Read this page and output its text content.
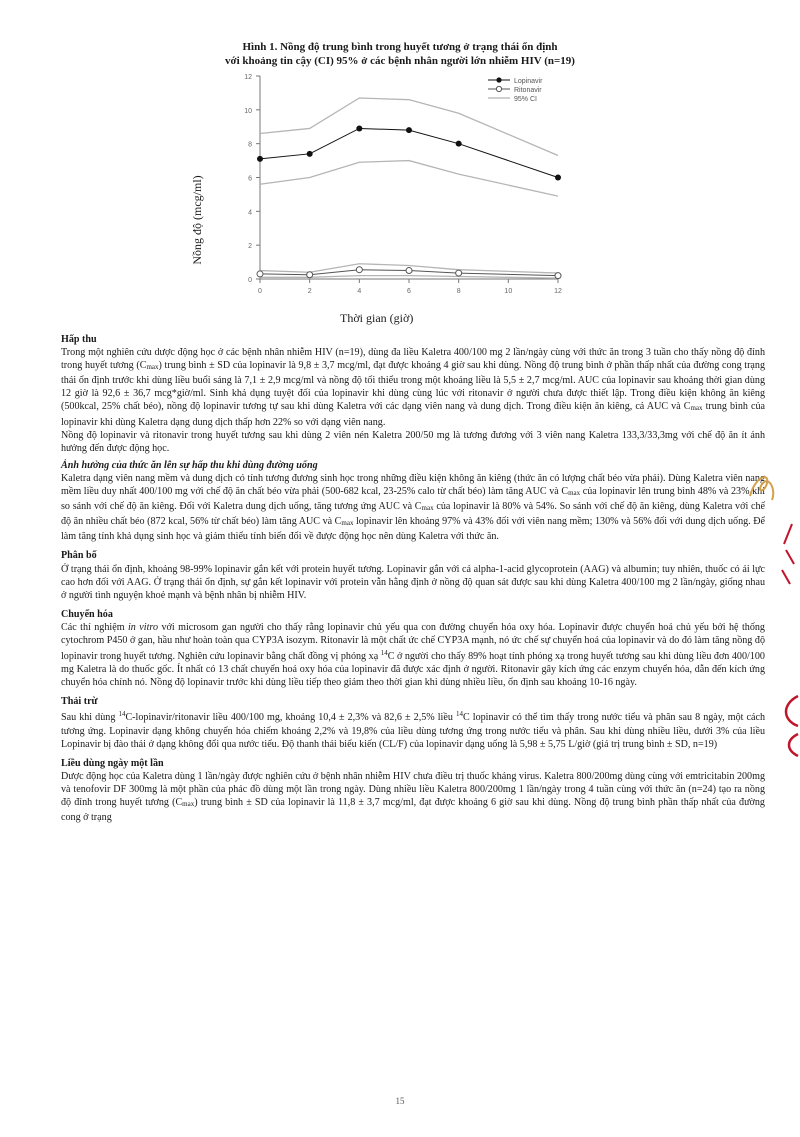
Hình 1. Nồng độ trung bình trong huyết tương ở trạng thái ổn định
với khoảng tin cậy (CI) 95% ở các bệnh nhân người lớn nhiễm HIV (n=19)
0
2
4
6
8
10
12
0	2	4	6	8	10	12
Lopinavir
Ritonavir
95% CI
Nồng độ (mcg/ml)
Thời gian (giờ)

Hấp thu

Trong một nghiên cứu dược động học ở các bệnh nhân nhiễm HIV (n=19), dùng đa liều Kaletra 400/100 mg 2 lần/ngày cùng với thức ăn trong 3 tuần cho thấy nồng độ đỉnh trong huyết tương (Cmax) trung bình ± SD của lopinavir là 9,8 ± 3,7 mcg/ml, đạt được khoảng 4 giờ sau khi dùng. Nồng độ trung bình ở phần thấp nhất của đường cong trạng thái ổn định trước khi dùng liều buổi sáng là 7,1 ± 2,9 mcg/ml và nồng độ tối thiểu trong một khoảng liều là 5,5 ± 2,7 mcg/ml. AUC của lopinavir sau khoảng thời gian dùng 12 giờ là 92,6 ± 36,7 mcg*giờ/ml. Sinh khả dụng tuyệt đối của lopinavir khi dùng cùng lúc với ritonavir ở người chưa được thiết lập. Trong điều kiện không ăn kiêng (500kcal, 25% chất béo), nồng độ lopinavir tương tự sau khi dùng Kaletra với các dạng viên nang và dung dịch. Trong điều kiện ăn kiêng, cả AUC và Cmax trung bình của lopinavir khi dùng Kaletra dạng dung dịch thấp hơn 22% so với dạng viên nang.

Nồng độ lopinavir và ritonavir trong huyết tương sau khi dùng 2 viên nén Kaletra 200/50 mg là tương đương với 3 viên nang Kaletra 133,3/33,3mg với chế độ ăn ít ảnh hưởng đến được động học.

Ảnh hưởng của thức ăn lên sự hấp thu khi dùng đường uống

Kaletra dạng viên nang mềm và dung dịch có tính tương đương sinh học trong những điều kiện không ăn kiêng (thức ăn có lượng chất béo vừa phải). Dùng Kaletra viên nang mềm liều duy nhất 400/100 mg với chế độ ăn chất béo vừa phải (500-682 kcal, 23-25% calo từ chất béo) làm tăng AUC và Cmax của lopinavir lên trung bình 48% và 23% khi so sánh với chế độ ăn kiêng. Đối với Kaletra dung dịch uống, tăng tương ứng AUC và Cmax của lopinavir là 80% và 54%. So sánh với chế độ ăn kiêng, dùng Kaletra với chế độ ăn nhiều chất béo (872 kcal, 56% từ chất béo) làm tăng AUC và Cmax lopinavir lên khoảng 97% và 43% đối với viên nang mềm; 130% và 56% đối với dung dịch uống. Để làm tăng tính khả dụng sinh học và giảm thiểu tính biến đổi về được động học nên dùng Kaletra với thức ăn.

Phân bố

Ở trạng thái ổn định, khoảng 98-99% lopinavir gắn kết với protein huyết tương. Lopinavir gắn với cả alpha-1-acid glycoprotein (AAG) và albumin; tuy nhiên, thuốc có ái lực cao hơn đối với AAG. Ở trạng thái ổn định, sự gắn kết lopinavir với protein vẫn hằng định ở nồng độ quan sát được sau khi dùng Kaletra 400/100 mg 2 lần/ngày, giống nhau ở người tình nguyện khoẻ mạnh và bệnh nhân bị nhiễm HIV.

Chuyển hóa

Các thí nghiệm in vitro với microsom gan người cho thấy rằng lopinavir chủ yếu qua con đường chuyển hóa oxy hóa. Lopinavir được chuyển hoá chủ yếu bởi hệ thống cytochrom P450 ở gan, hầu như hoàn toàn qua CYP3A isozym. Ritonavir là một chất ức chế CYP3A mạnh, nó ức chế sự chuyển hoá của lopinavir và do đó làm tăng nồng độ lopinavir trong huyết tương. Nghiên cứu lopinavir bằng chất đồng vị phóng xạ $^{14}$C ở người cho thấy 89% hoạt tính phóng xạ trong huyết tương sau khi dùng liều đơn 400/100 mg Kaletra là do thuốc gốc. Ít nhất có 13 chất chuyển hoá oxy hóa của lopinavir đã được xác định ở người. Ritonavir gây kích ứng các enzym chuyển hóa, dẫn đến kích ứng chuyển hóa chính nó. Nồng độ lopinavir trước khi dùng liều tiếp theo giảm theo thời gian khi dùng nhiều liều, ổn định sau khoảng 10-16 ngày.

Thải trừ

Sau khi dùng $^{14}$C-lopinavir/ritonavir liều 400/100 mg, khoảng 10,4 ± 2,3% và 82,6 ± 2,5% liều $^{14}$C lopinavir có thể tìm thấy trong nước tiểu và phân sau 8 ngày, một cách tương ứng. Lopinavir dạng không chuyển hóa chiếm khoảng 2,2% và 19,8% của liều dùng tương ứng trong nước tiểu và phân. Sau khi dùng nhiều liều, dưới 3% của liều Lopinavir bị đào thải ở dạng không đổi qua nước tiểu. Độ thanh thải biểu kiến (CL/F) của lopinavir dạng uống là 5,98 ± 5,75 L/giờ (giá trị trung bình ± SD, n=19)

Liều dùng ngày một lần

Dược động học của Kaletra dùng 1 lần/ngày được nghiên cứu ở bệnh nhân nhiễm HIV chưa điều trị thuốc kháng virus. Kaletra 800/200mg dùng cùng với emtricitabin 200mg và tenofovir DF 300mg là một phần của phác đồ dùng một lần trong ngày. Dùng nhiều liều Kaletra 800/200mg 1 lần/ngày trong 4 tuần cùng với thức ăn (n=24) tạo ra nồng độ đỉnh trong huyết tương (Cmax) trung bình ± SD của lopinavir là 11,8 ± 3,7 mcg/ml, đạt được khoảng 6 giờ sau khi dùng. Nồng độ trung bình phần thấp nhất của đường cong ở trạng

15
